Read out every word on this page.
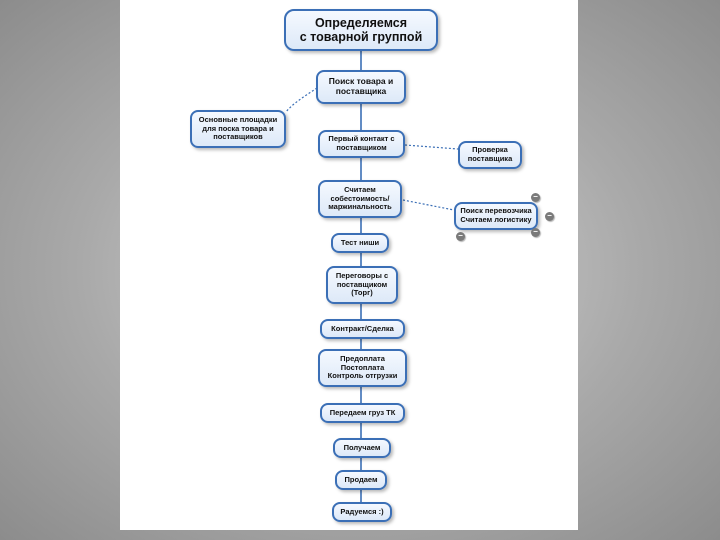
Определяемся
с товарной группой
Поиск товара и
поставщика
Основные площадки
для поска товара и
поставщиков	Первый контакт с
поставщиком	Проверка
поставщика
Считаем
собестоимость/
маржинальность	Поиск перевозчика
Считаем логистику
−
−
−
−
Тест ниши
Переговоры с
поставщиком
(Торг)
Контракт/Сделка
Предоплата
Постоплата
Контроль отгрузки
Передаем груз ТК
Получаем
Продаем
Радуемся :)
